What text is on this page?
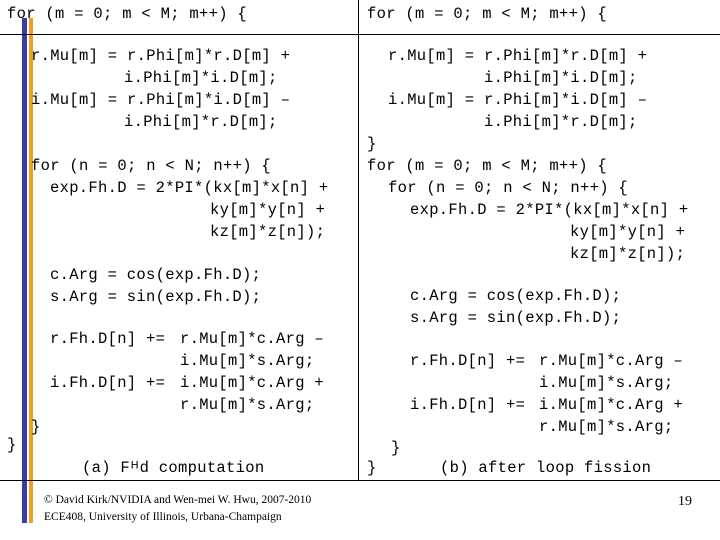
for (m = 0; m < M; m++) {
r.Mu[m] = r.Phi[m]*r.D[m] +
i.Phi[m]*i.D[m];
i.Mu[m] = r.Phi[m]*i.D[m] –
i.Phi[m]*r.D[m];
for (n = 0; n < N; n++) {
exp.Fh.D = 2*PI*(kx[m]*x[n] +
ky[m]*y[n] +
kz[m]*z[n]);
c.Arg = cos(exp.Fh.D);
s.Arg = sin(exp.Fh.D);
r.Fh.D[n] += r.Mu[m]*c.Arg –
i.Mu[m]*s.Arg;
i.Fh.D[n] += i.Mu[m]*c.Arg +
r.Mu[m]*s.Arg;
}
}
(a) Fᴴd computation
for (m = 0; m < M; m++) {
r.Mu[m] = r.Phi[m]*r.D[m] +
i.Phi[m]*i.D[m];
i.Mu[m] = r.Phi[m]*i.D[m] –
i.Phi[m]*r.D[m];
}
for (m = 0; m < M; m++) {
for (n = 0; n < N; n++) {
exp.Fh.D = 2*PI*(kx[m]*x[n] +
ky[m]*y[n] +
kz[m]*z[n]);
c.Arg = cos(exp.Fh.D);
s.Arg = sin(exp.Fh.D);
r.Fh.D[n] += r.Mu[m]*c.Arg –
i.Mu[m]*s.Arg;
i.Fh.D[n] += i.Mu[m]*c.Arg +
r.Mu[m]*s.Arg;
}
}	(b) after loop fission
© David Kirk/NVIDIA and Wen-mei W. Hwu, 2007-2010
ECE408, University of Illinois, Urbana-Champaign
19
